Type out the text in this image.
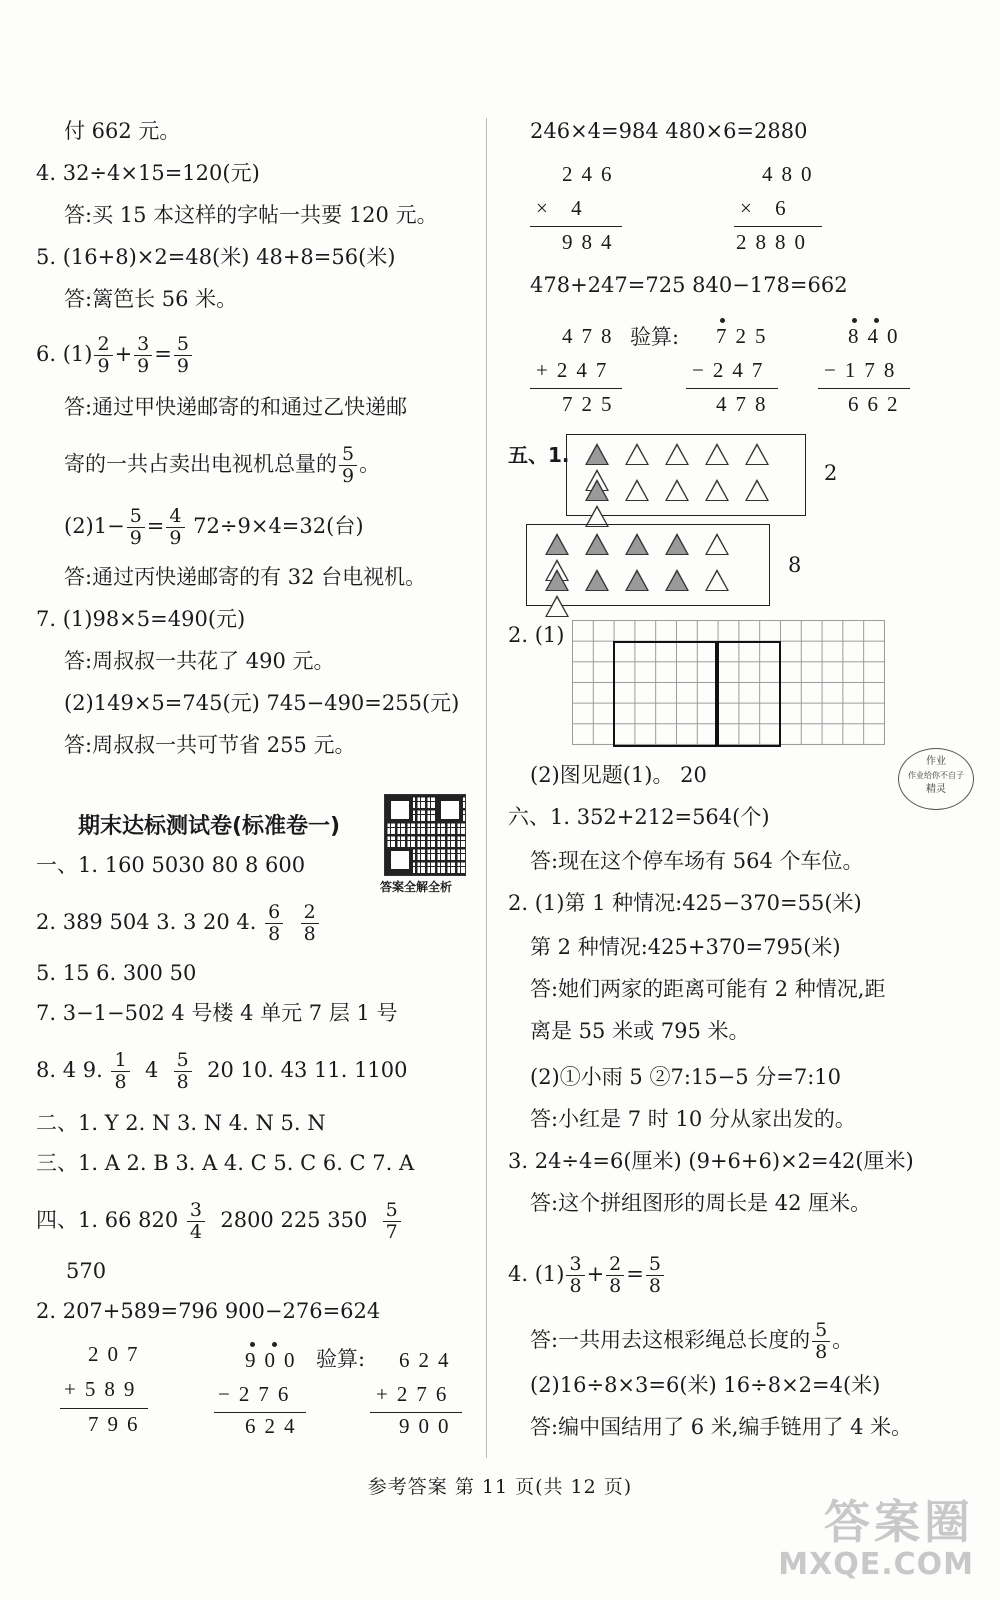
付 662 元。
4. 32÷4×15=120(元)
答:买 15 本这样的字帖一共要 120 元。
5. (16+8)×2=48(米) 48+8=56(米)
答:篱笆长 56 米。
6. $(1) \frac{2}{9} + \frac{3}{9} = \frac{5}{9}$
答:通过甲快递邮寄的和通过乙快递邮
寄的一共占卖出电视机总量的 $\frac{5}{9}$ 。
$(2)1- \frac{5}{9} = \frac{4}{9} 72\div 9\times 4=32$(台)
答:通过丙快递邮寄的有 32 台电视机。
7. (1)98×5=490(元)
答:周叔叔一共花了 490 元。
(2)149×5=745(元) 745−490=255(元)
答:周叔叔一共可节省 255 元。
期末达标测试卷(标准卷一)
答案全解全析
一、1. 160 5030 80 8 600
2. 389 504 3. 3 20 4. $\frac{6}{8}$
$\frac{2}{8}$
5. 15 6. 300 50
7. 3−1−502 4 号楼 4 单元 7 层 1 号
8. 4 9. $\frac{1}{8} 4 \frac{5}{8} 20$ 10. 43 11. 1100
二、1. Y 2. N 3. N 4. N 5. N
三、1. A 2. B 3. A 4. C 5. C 6. C 7. A
四、1. 66 $820 \frac{3}{4} 2800$ 225 $350 \frac{5}{7}$
570
2. 207+589=796 900−276=624
207
+589
796
900 验算:
−276
624
624
+276
900
246×4=984 480×6=2880
246
× 4
984
480
× 6
2880
478+247=725 840−178=662
478 验算:
+247
725
725
−247
478
840
−178
662
五、1.
2
8
2. (1)
(2)图见题(1)。 20
作业
作业给你不自子
精灵
六、1. 352+212=564(个)
答:现在这个停车场有 564 个车位。
2. (1)第 1 种情况:425−370=55(米)
第 2 种情况:425+370=795(米)
答:她们两家的距离可能有 2 种情况,距
离是 55 米或 795 米。
(2)①小雨 5 ②7:15−5 分=7:10
答:小红是 7 时 10 分从家出发的。
3. 24÷4=6(厘米) (9+6+6)×2=42(厘米)
答:这个拼组图形的周长是 42 厘米。
4. $(1) \frac{3}{8} + \frac{2}{8} = \frac{5}{8}$
答:一共用去这根彩绳总长度的 $\frac{5}{8}$ 。
(2)16÷8×3=6(米) 16÷8×2=4(米)
答:编中国结用了 6 米,编手链用了 4 米。
参考答案 第 11 页(共 12 页)
答案圈
MXQE.COM
